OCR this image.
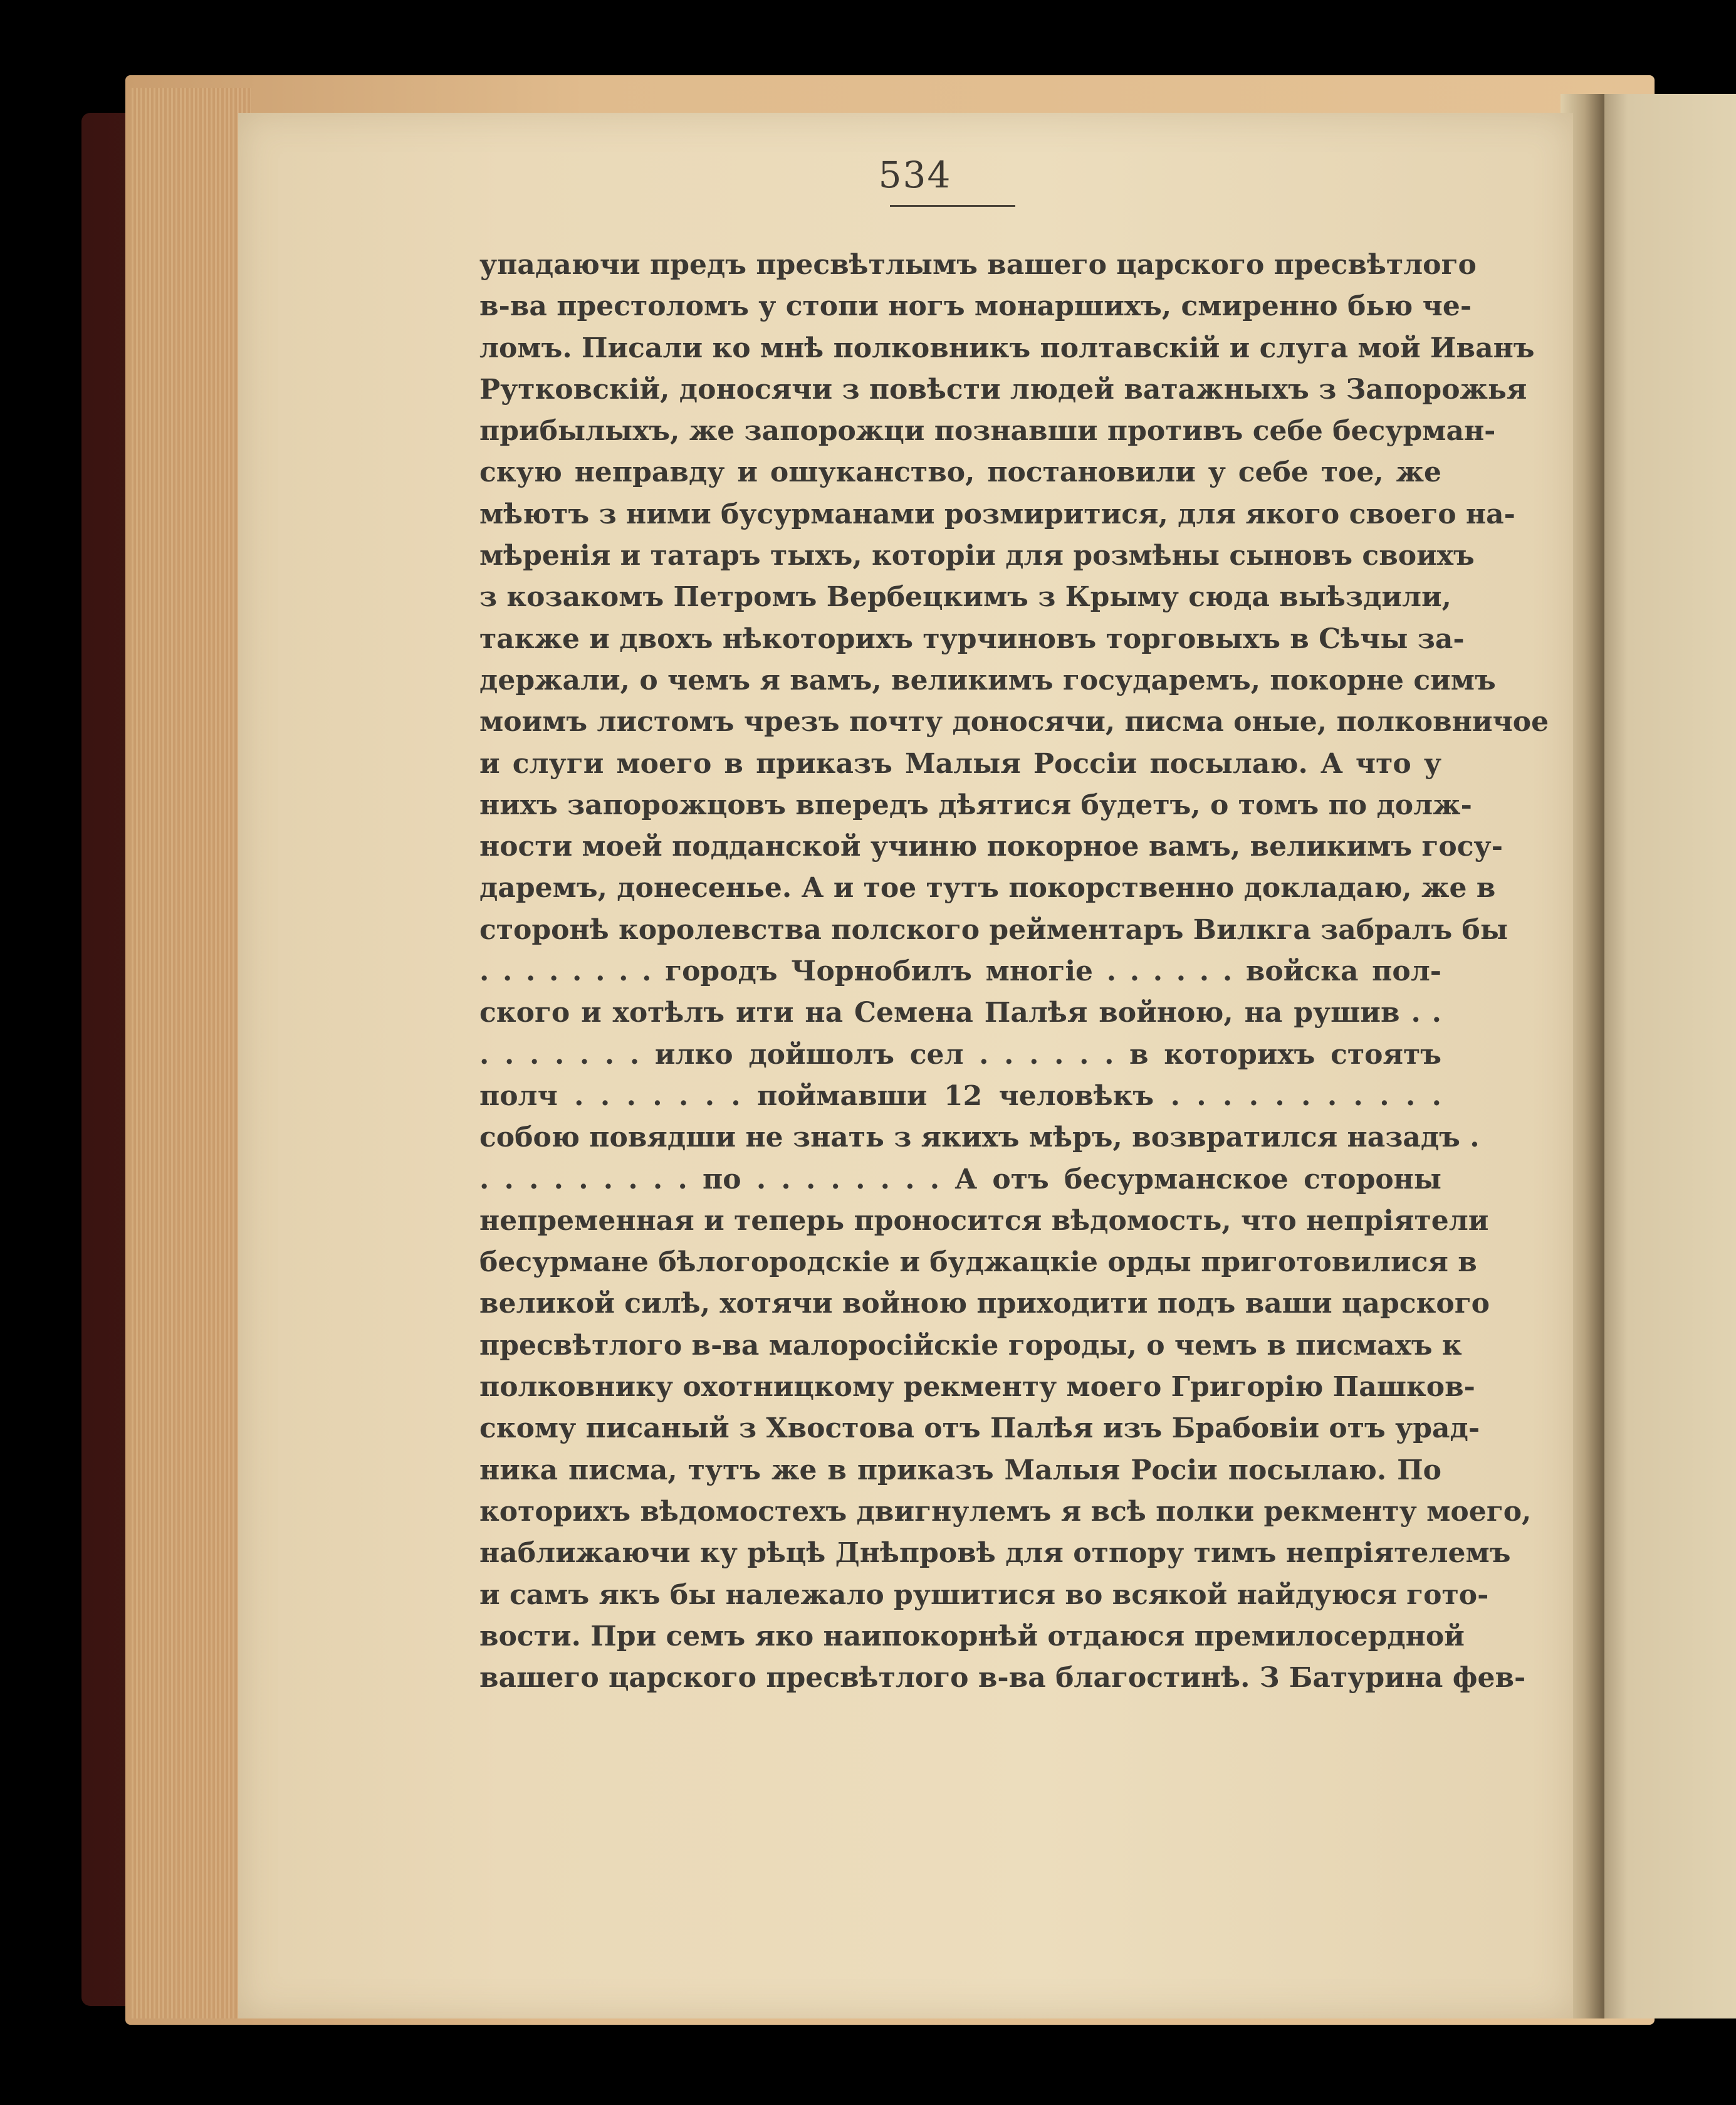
534
упадаючи предъ пресвѣтлымъ вашего царского пресвѣтлого
в-ва престоломъ у стопи ногъ монаршихъ, смиренно бью че-
ломъ. Писали ко мнѣ полковникъ полтавскій и слуга мой Иванъ
Рутковскій, доносячи з повѣсти людей ватажныхъ з Запорожья
прибылыхъ, же запорожци познавши противъ себе бесурман-
скую неправду и ошуканство, постановили у себе тое, же
мѣютъ з ними бусурманами розмиритися, для якого своего на-
мѣренія и татаръ тыхъ, которіи для розмѣны сыновъ своихъ
з козакомъ Петромъ Вербецкимъ з Крыму сюда выѣздили,
также и двохъ нѣкоторихъ турчиновъ торговыхъ в Сѣчы за-
держали, о чемъ я вамъ, великимъ государемъ, покорне симъ
моимъ листомъ чрезъ почту доносячи, писма оные, полковничое
и слуги моего в приказъ Малыя Россіи посылаю. А что у
нихъ запорожцовъ впередъ дѣятися будетъ, о томъ по долж-
ности моей подданской учиню покорное вамъ, великимъ госу-
даремъ, донесенье. А и тое тутъ покорственно докладаю, же в
сторонѣ королевства полского рейментаръ Вилкга забралъ бы
. . . . . . . . городъ Чорнобилъ многіе . . . . . . войска пол-
ского и хотѣлъ ити на Семена Палѣя войною, на рушив . .
. . . . . . . илко дойшолъ сел . . . . . . в которихъ стоятъ
полч . . . . . . . поймавши 12 человѣкъ . . . . . . . . . . .
собою повядши не знать з якихъ мѣръ, возвратился назадъ .
. . . . . . . . . по . . . . . . . . А отъ бесурманское стороны
непременная и теперь проносится вѣдомость, что непріятели
бесурмане бѣлогородскіе и буджацкіе орды приготовилися в
великой силѣ, хотячи войною приходити подъ ваши царского
пресвѣтлого в-ва малоросійскіе городы, о чемъ в писмахъ к
полковнику охотницкому рекменту моего Григорію Пашков-
скому писаный з Хвостова отъ Палѣя изъ Брабовіи отъ урад-
ника писма, тутъ же в приказъ Малыя Росіи посылаю. По
которихъ вѣдомостехъ двигнулемъ я всѣ полки рекменту моего,
наближаючи ку рѣцѣ Днѣпровѣ для отпору тимъ непріятелемъ
и самъ якъ бы належало рушитися во всякой найдуюся гото-
вости. При семъ яко наипокорнѣй отдаюся премилосердной
вашего царского пресвѣтлого в-ва благостинѣ. З Батурина фев-
